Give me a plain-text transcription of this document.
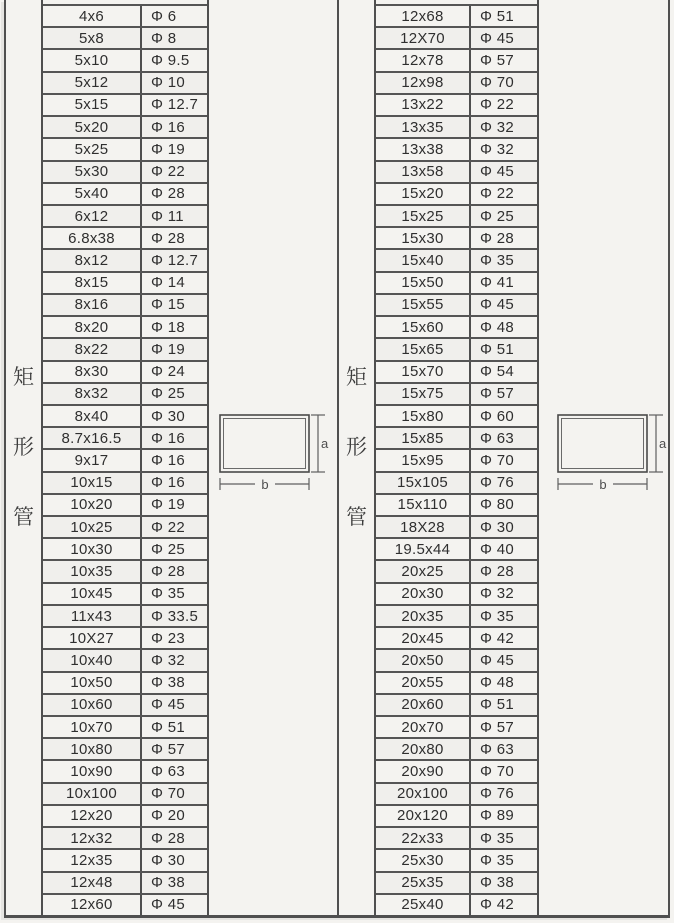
矩
形
管
4x6	Φ 6
5x8	Φ 8
5x10	Φ 9.5
5x12	Φ 10
5x15	Φ 12.7
5x20	Φ 16
5x25	Φ 19
5x30	Φ 22
5x40	Φ 28
6x12	Φ 11
6.8x38	Φ 28
8x12	Φ 12.7
8x15	Φ 14
8x16	Φ 15
8x20	Φ 18
8x22	Φ 19
8x30	Φ 24
8x32	Φ 25
8x40	Φ 30
8.7x16.5	Φ 16
9x17	Φ 16
10x15	Φ 16
10x20	Φ 19
10x25	Φ 22
10x30	Φ 25
10x35	Φ 28
10x45	Φ 35
11x43	Φ 33.5
10X27	Φ 23
10x40	Φ 32
10x50	Φ 38
10x60	Φ 45
10x70	Φ 51
10x80	Φ 57
10x90	Φ 63
10x100	Φ 70
12x20	Φ 20
12x32	Φ 28
12x35	Φ 30
12x48	Φ 38
12x60	Φ 45
a
b
矩
形
管
12x68	Φ 51
12X70	Φ 45
12x78	Φ 57
12x98	Φ 70
13x22	Φ 22
13x35	Φ 32
13x38	Φ 32
13x58	Φ 45
15x20	Φ 22
15x25	Φ 25
15x30	Φ 28
15x40	Φ 35
15x50	Φ 41
15x55	Φ 45
15x60	Φ 48
15x65	Φ 51
15x70	Φ 54
15x75	Φ 57
15x80	Φ 60
15x85	Φ 63
15x95	Φ 70
15x105	Φ 76
15x110	Φ 80
18X28	Φ 30
19.5x44	Φ 40
20x25	Φ 28
20x30	Φ 32
20x35	Φ 35
20x45	Φ 42
20x50	Φ 45
20x55	Φ 48
20x60	Φ 51
20x70	Φ 57
20x80	Φ 63
20x90	Φ 70
20x100	Φ 76
20x120	Φ 89
22x33	Φ 35
25x30	Φ 35
25x35	Φ 38
25x40	Φ 42
a
b
